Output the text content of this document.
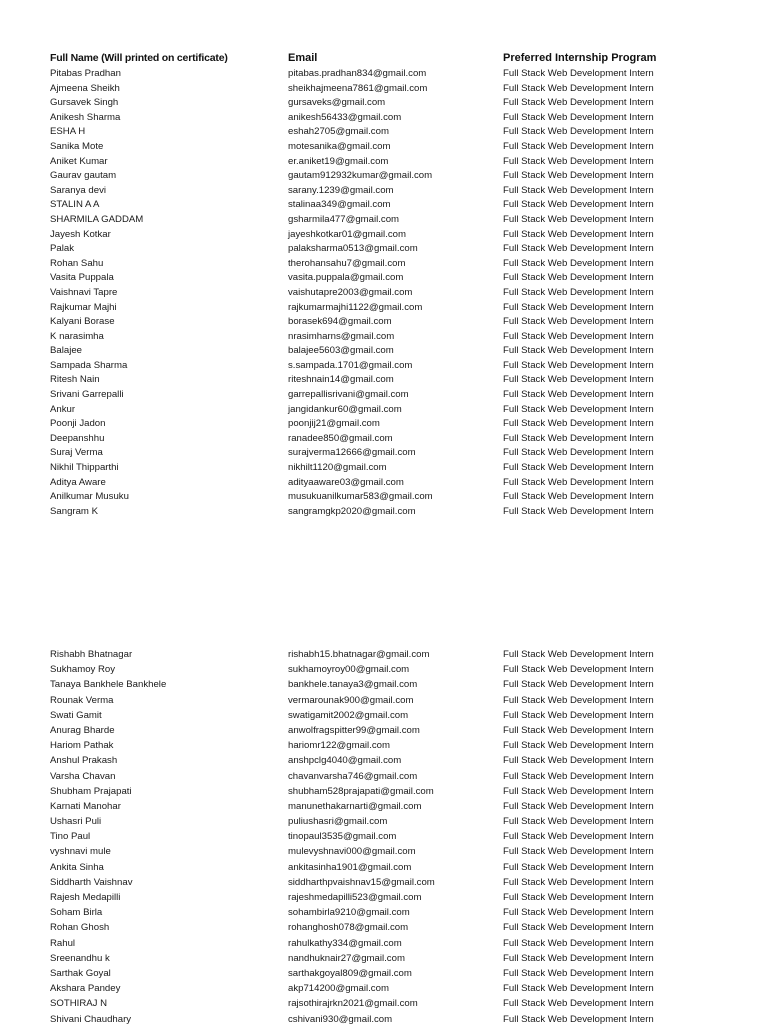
Full Name (Will printed on certificate)	Email	Preferred Internship Program
Pitabas Pradhan	pitabas.pradhan834@gmail.com	Full Stack Web Development Intern
Ajmeena Sheikh	sheikhajmeena7861@gmail.com	Full Stack Web Development Intern
Gursavek Singh	gursaveks@gmail.com	Full Stack Web Development Intern
Anikesh Sharma	anikesh56433@gmail.com	Full Stack Web Development Intern
ESHA H	eshah2705@gmail.com	Full Stack Web Development Intern
Sanika Mote	motesanika@gmail.com	Full Stack Web Development Intern
Aniket Kumar	er.aniket19@gmail.com	Full Stack Web Development Intern
Gaurav gautam	gautam912932kumar@gmail.com	Full Stack Web Development Intern
Saranya devi	sarany.1239@gmail.com	Full Stack Web Development Intern
STALIN A A	stalinaa349@gmail.com	Full Stack Web Development Intern
SHARMILA GADDAM	gsharmila477@gmail.com	Full Stack Web Development Intern
Jayesh Kotkar	jayeshkotkar01@gmail.com	Full Stack Web Development Intern
Palak	palaksharma0513@gmail.com	Full Stack Web Development Intern
Rohan Sahu	therohansahu7@gmail.com	Full Stack Web Development Intern
Vasita Puppala	vasita.puppala@gmail.com	Full Stack Web Development Intern
Vaishnavi Tapre	vaishutapre2003@gmail.com	Full Stack Web Development Intern
Rajkumar Majhi	rajkumarmajhi1122@gmail.com	Full Stack Web Development Intern
Kalyani Borase	borasek694@gmail.com	Full Stack Web Development Intern
K narasimha	nrasimharns@gmail.com	Full Stack Web Development Intern
Balajee	balajee5603@gmail.com	Full Stack Web Development Intern
Sampada Sharma	s.sampada.1701@gmail.com	Full Stack Web Development Intern
Ritesh Nain	riteshnain14@gmail.com	Full Stack Web Development Intern
Srivani Garrepalli	garrepallisrivani@gmail.com	Full Stack Web Development Intern
Ankur	jangidankur60@gmail.com	Full Stack Web Development Intern
Poonji Jadon	poonjij21@gmail.com	Full Stack Web Development Intern
Deepanshhu	ranadee850@gmail.com	Full Stack Web Development Intern
Suraj Verma	surajverma12666@gmail.com	Full Stack Web Development Intern
Nikhil Thipparthi	nikhilt1120@gmail.com	Full Stack Web Development Intern
Aditya Aware	adityaaware03@gmail.com	Full Stack Web Development Intern
Anilkumar Musuku	musukuanilkumar583@gmail.com	Full Stack Web Development Intern
Sangram K	sangramgkp2020@gmail.com	Full Stack Web Development Intern
Rishabh Bhatnagar	rishabh15.bhatnagar@gmail.com	Full Stack Web Development Intern
Sukhamoy Roy	sukhamoyroy00@gmail.com	Full Stack Web Development Intern
Tanaya Bankhele Bankhele	bankhele.tanaya3@gmail.com	Full Stack Web Development Intern
Rounak Verma	vermarounak900@gmail.com	Full Stack Web Development Intern
Swati Gamit	swatigamit2002@gmail.com	Full Stack Web Development Intern
Anurag Bharde	anwolfragspitter99@gmail.com	Full Stack Web Development Intern
Hariom Pathak	hariomr122@gmail.com	Full Stack Web Development Intern
Anshul Prakash	anshpclg4040@gmail.com	Full Stack Web Development Intern
Varsha Chavan	chavanvarsha746@gmail.com	Full Stack Web Development Intern
Shubham Prajapati	shubham528prajapati@gmail.com	Full Stack Web Development Intern
Karnati Manohar	manunethakarnarti@gmail.com	Full Stack Web Development Intern
Ushasri Puli	puliushasri@gmail.com	Full Stack Web Development Intern
Tino Paul	tinopaul3535@gmail.com	Full Stack Web Development Intern
vyshnavi mule	mulevyshnavi000@gmail.com	Full Stack Web Development Intern
Ankita Sinha	ankitasinha1901@gmail.com	Full Stack Web Development Intern
Siddharth Vaishnav	siddharthpvaishnav15@gmail.com	Full Stack Web Development Intern
Rajesh Medapilli	rajeshmedapilli523@gmail.com	Full Stack Web Development Intern
Soham Birla	sohambirla9210@gmail.com	Full Stack Web Development Intern
Rohan Ghosh	rohanghosh078@gmail.com	Full Stack Web Development Intern
Rahul	rahulkathy334@gmail.com	Full Stack Web Development Intern
Sreenandhu k	nandhuknair27@gmail.com	Full Stack Web Development Intern
Sarthak Goyal	sarthakgoyal809@gmail.com	Full Stack Web Development Intern
Akshara Pandey	akp714200@gmail.com	Full Stack Web Development Intern
SOTHIRAJ N	rajsothirajrkn2021@gmail.com	Full Stack Web Development Intern
Shivani Chaudhary	cshivani930@gmail.com	Full Stack Web Development Intern
